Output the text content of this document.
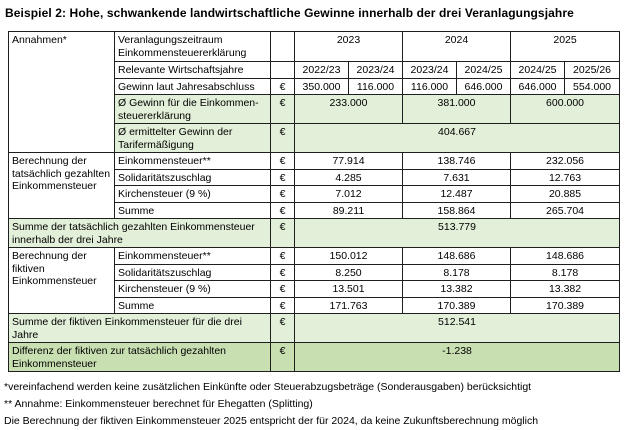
Beispiel 2: Hohe, schwankende landwirtschaftliche Gewinne innerhalb der drei Veranlagungsjahre
Annahmen*	Veranlagungszeitraum Einkommensteuererklärung		2023		2024		2025	
	Relevante Wirtschaftsjahre		2022/23	2023/24	2023/24	2024/25	2024/25	2025/26
	Gewinn laut Jahresabschluss	€	350.000	116.000	116.000	646.000	646.000	554.000
	Ø Gewinn für die Einkommen-steuererklärung	€	233.000		381.000		600.000	
	Ø ermittelter Gewinn der Tarifermäßigung	€	404.667					
Berechnung der tatsächlich gezahlten Einkommensteuer	Einkommensteuer**	€	77.914		138.746		232.056	
	Solidaritätszuschlag	€	4.285		7.631		12.763	
	Kirchensteuer (9 %)	€	7.012		12.487		20.885	
	Summe	€	89.211		158.864		265.704	
Summe der tatsächlich gezahlten Einkommensteuer innerhalb der drei Jahre		€	513.779					
Berechnung der fiktiven Einkommensteuer	Einkommensteuer**	€	150.012		148.686		148.686	
	Solidaritätszuschlag	€	8.250		8.178		8.178	
	Kirchensteuer (9 %)	€	13.501		13.382		13.382	
	Summe	€	171.763		170.389		170.389	
Summe der fiktiven Einkommensteuer für die drei Jahre		€	512.541					
Differenz der fiktiven zur tatsächlich gezahlten Einkommensteuer		€	-1.238					
*vereinfachend werden keine zusätzlichen Einkünfte oder Steuerabzugsbeträge (Sonderausgaben) berücksichtigt
** Annahme: Einkommensteuer berechnet für Ehegatten (Splitting)
Die Berechnung der fiktiven Einkommensteuer 2025 entspricht der für 2024, da keine Zukunftsberechnung möglich
